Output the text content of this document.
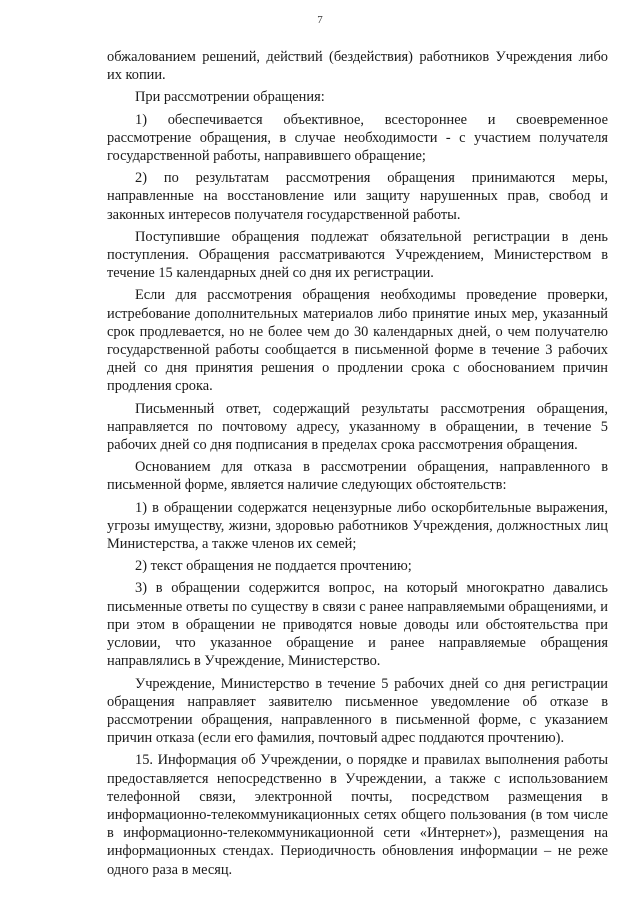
7

обжалованием решений, действий (бездействия) работников Учреждения либо их копии.

При рассмотрении обращения:

1) обеспечивается объективное, всестороннее и своевременное рассмотрение обращения, в случае необходимости - с участием получателя государственной работы, направившего обращение;

2) по результатам рассмотрения обращения принимаются меры, направленные на восстановление или защиту нарушенных прав, свобод и законных интересов получателя государственной работы.

Поступившие обращения подлежат обязательной регистрации в день поступления. Обращения рассматриваются Учреждением, Министерством в течение 15 календарных дней со дня их регистрации.

Если для рассмотрения обращения необходимы проведение проверки, истребование дополнительных материалов либо принятие иных мер, указанный срок продлевается, но не более чем до 30 календарных дней, о чем получателю государственной работы сообщается в письменной форме в течение 3 рабочих дней со дня принятия решения о продлении срока с обоснованием причин продления срока.

Письменный ответ, содержащий результаты рассмотрения обращения, направляется по почтовому адресу, указанному в обращении, в течение 5 рабочих дней со дня подписания в пределах срока рассмотрения обращения.

Основанием для отказа в рассмотрении обращения, направленного в письменной форме, является наличие следующих обстоятельств:

1) в обращении содержатся нецензурные либо оскорбительные выражения, угрозы имуществу, жизни, здоровью работников Учреждения, должностных лиц Министерства, а также членов их семей;

2) текст обращения не поддается прочтению;

3) в обращении содержится вопрос, на который многократно давались письменные ответы по существу в связи с ранее направляемыми обращениями, и при этом в обращении не приводятся новые доводы или обстоятельства при условии, что указанное обращение и ранее направляемые обращения направлялись в Учреждение, Министерство.

Учреждение, Министерство в течение 5 рабочих дней со дня регистрации обращения направляет заявителю письменное уведомление об отказе в рассмотрении обращения, направленного в письменной форме, с указанием причин отказа (если его фамилия, почтовый адрес поддаются прочтению).

15. Информация об Учреждении, о порядке и правилах выполнения работы предоставляется непосредственно в Учреждении, а также с использованием телефонной связи, электронной почты, посредством размещения в информационно-телекоммуникационных сетях общего пользования (в том числе в информационно-телекоммуникационной сети «Интернет»), размещения на информационных стендах. Периодичность обновления информации – не реже одного раза в месяц.
